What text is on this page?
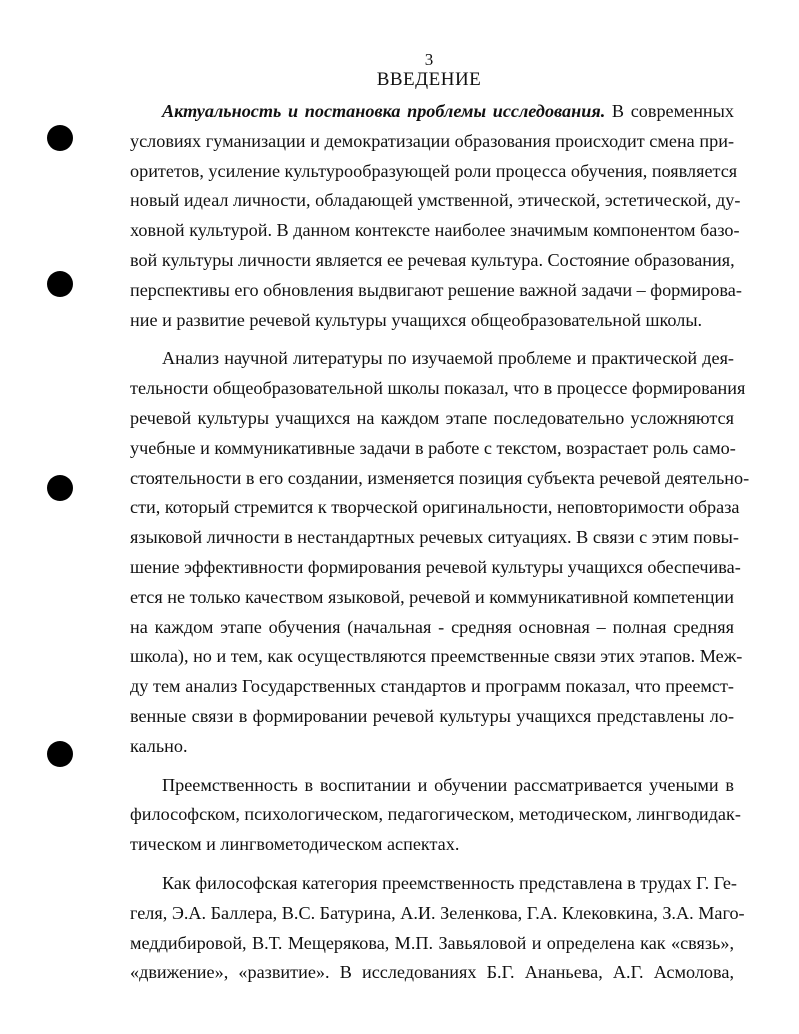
3
ВВЕДЕНИЕ
Актуальность и постановка проблемы исследования. В современных
условиях гуманизации и демократизации образования происходит смена при-
оритетов, усиление культурообразующей роли процесса обучения, появляется
новый идеал личности, обладающей умственной, этической, эстетической, ду-
ховной культурой. В данном контексте наиболее значимым компонентом базо-
вой культуры личности является ее речевая культура. Состояние образования,
перспективы его обновления выдвигают решение важной задачи – формирова-
ние и развитие речевой культуры учащихся общеобразовательной школы.
Анализ научной литературы по изучаемой проблеме и практической дея-
тельности общеобразовательной школы показал, что в процессе формирования
речевой культуры учащихся на каждом этапе последовательно усложняются
учебные и коммуникативные задачи в работе с текстом, возрастает роль само-
стоятельности в его создании, изменяется позиция субъекта речевой деятельно-
сти, который стремится к творческой оригинальности, неповторимости образа
языковой личности в нестандартных речевых ситуациях. В связи с этим повы-
шение эффективности формирования речевой культуры учащихся обеспечива-
ется не только качеством языковой, речевой и коммуникативной компетенции
на каждом этапе обучения (начальная - средняя основная – полная средняя
школа), но и тем, как осуществляются преемственные связи этих этапов. Меж-
ду тем анализ Государственных стандартов и программ показал, что преемст-
венные связи в формировании речевой культуры учащихся представлены ло-
кально.
Преемственность в воспитании и обучении рассматривается учеными в
философском, психологическом, педагогическом, методическом, лингводидак-
тическом и лингвометодическом аспектах.
Как философская категория преемственность представлена в трудах Г. Ге-
геля, Э.А. Баллера, В.С. Батурина, А.И. Зеленкова, Г.А. Клековкина, З.А. Маго-
меддибировой, В.Т. Мещерякова, М.П. Завьяловой и определена как «связь»,
«движение», «развитие». В исследованиях Б.Г. Ананьева, А.Г. Асмолова,
